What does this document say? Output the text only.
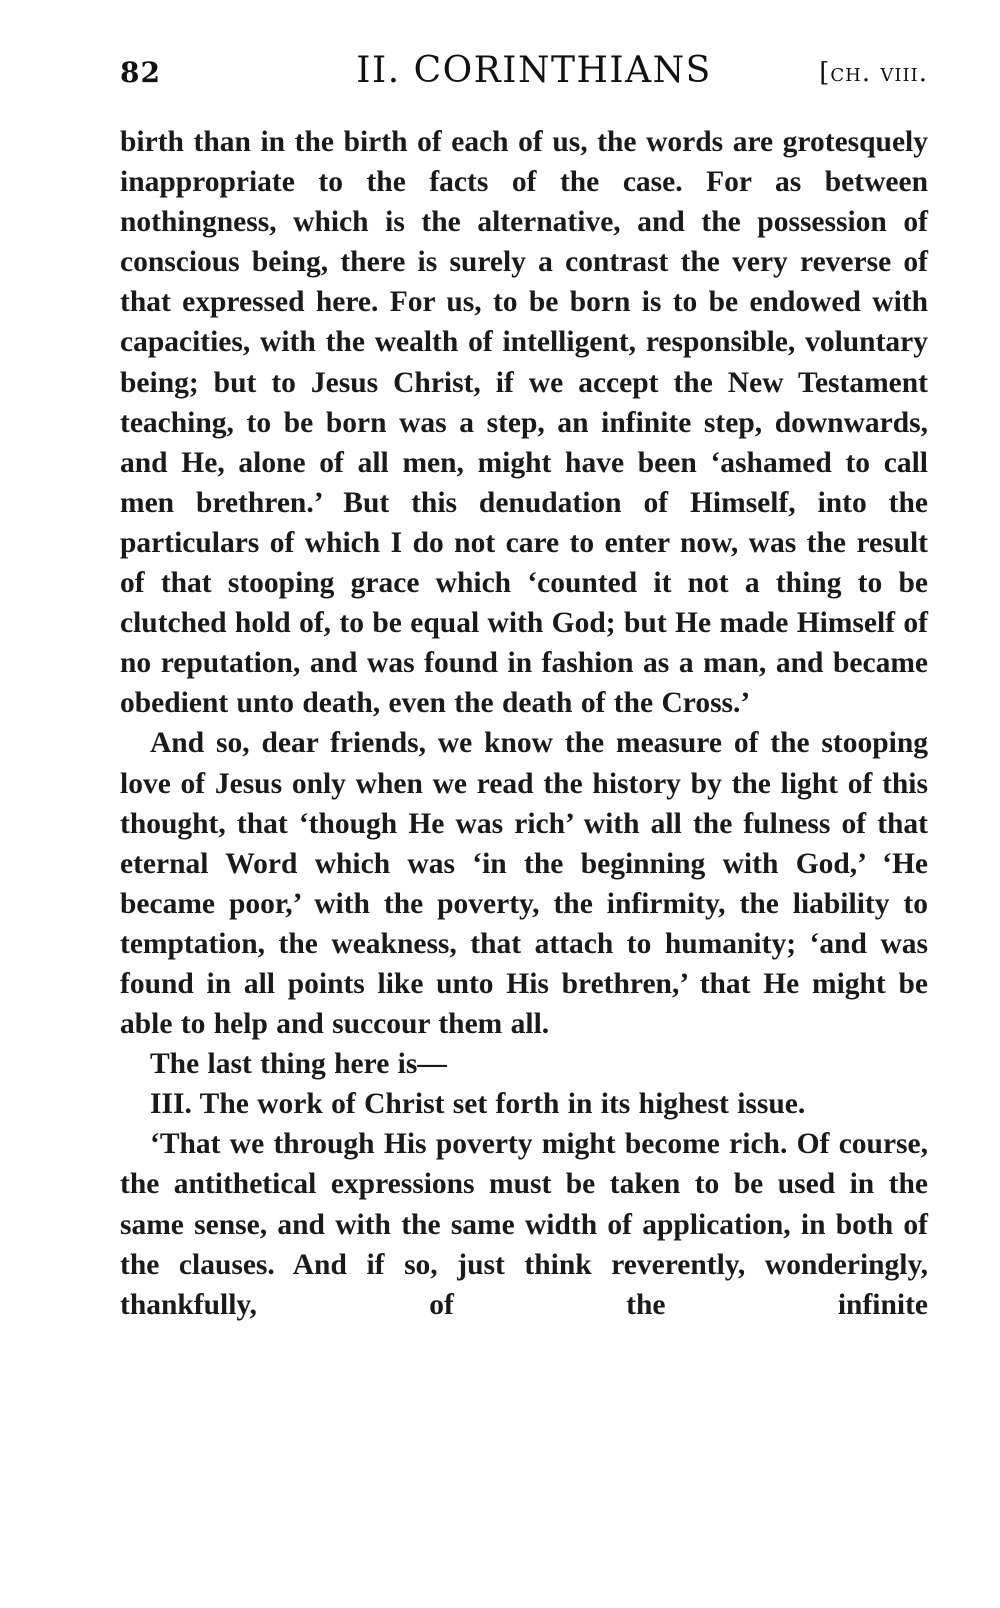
82	II. CORINTHIANS	[ch. viii.

birth than in the birth of each of us, the words are grotesquely inappropriate to the facts of the case. For as between nothingness, which is the alternative, and the possession of conscious being, there is surely a contrast the very reverse of that expressed here. For us, to be born is to be endowed with capacities, with the wealth of intelligent, responsible, voluntary being; but to Jesus Christ, if we accept the New Testament teaching, to be born was a step, an infinite step, downwards, and He, alone of all men, might have been ‘ashamed to call men brethren.’ But this denudation of Himself, into the particulars of which I do not care to enter now, was the result of that stooping grace which ‘counted it not a thing to be clutched hold of, to be equal with God; but He made Himself of no reputation, and was found in fashion as a man, and became obedient unto death, even the death of the Cross.’

And so, dear friends, we know the measure of the stooping love of Jesus only when we read the history by the light of this thought, that ‘though He was rich’ with all the fulness of that eternal Word which was ‘in the beginning with God,’ ‘He became poor,’ with the poverty, the infirmity, the liability to temptation, the weakness, that attach to humanity; ‘and was found in all points like unto His brethren,’ that He might be able to help and succour them all.

The last thing here is—

III. The work of Christ set forth in its highest issue.

‘That we through His poverty might become rich. Of course, the antithetical expressions must be taken to be used in the same sense, and with the same width of application, in both of the clauses. And if so, just think reverently, wonderingly, thankfully, of the infinite
